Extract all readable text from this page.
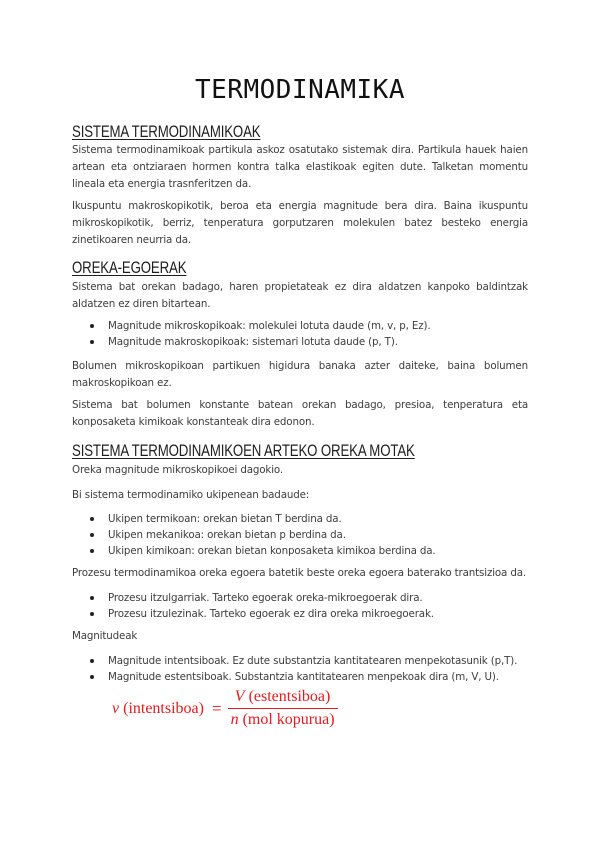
TERMODINAMIKA
SISTEMA TERMODINAMIKOAK

Sistema termodinamikoak partikula askoz osatutako sistemak dira. Partikula hauek haien artean eta ontziaraen hormen kontra talka elastikoak egiten dute. Talketan momentu lineala eta energia trasnferitzen da.

Ikuspuntu makroskopikotik, beroa eta energia magnitude bera dira. Baina ikuspuntu mikroskopikotik, berriz, tenperatura gorputzaren molekulen batez besteko energia zinetikoaren neurria da.

OREKA-EGOERAK

Sistema bat orekan badago, haren propietateak ez dira aldatzen kanpoko baldintzak aldatzen ez diren bitartean.

Magnitude mikroskopikoak: molekulei lotuta daude (m, v, p, Ez).
Magnitude makroskopikoak: sistemari lotuta daude (p, T).

Bolumen mikroskopikoan partikuen higidura banaka azter daiteke, baina bolumen makroskopikoan ez.

Sistema bat bolumen konstante batean orekan badago, presioa, tenperatura eta konposaketa kimikoak konstanteak dira edonon.

SISTEMA TERMODINAMIKOEN ARTEKO OREKA MOTAK

Oreka magnitude mikroskopikoei dagokio.

Bi sistema termodinamiko ukipenean badaude:

Ukipen termikoan: orekan bietan T berdina da.
Ukipen mekanikoa: orekan bietan p berdina da.
Ukipen kimikoan: orekan bietan konposaketa kimikoa berdina da.

Prozesu termodinamikoa oreka egoera batetik beste oreka egoera baterako trantsizioa da.

Prozesu itzulgarriak. Tarteko egoerak oreka-mikroegoerak dira.
Prozesu itzulezinak. Tarteko egoerak ez dira oreka mikroegoerak.

Magnitudeak

Magnitude intentsiboak. Ez dute substantzia kantitatearen menpekotasunik (p,T).
Magnitude estentsiboak. Substantzia kantitatearen menpekoak dira (m, V, U).
v (intentsiboa) = $\frac{\text{V (estentsiboa)}}{\text{n (mol kopurua)}}$
